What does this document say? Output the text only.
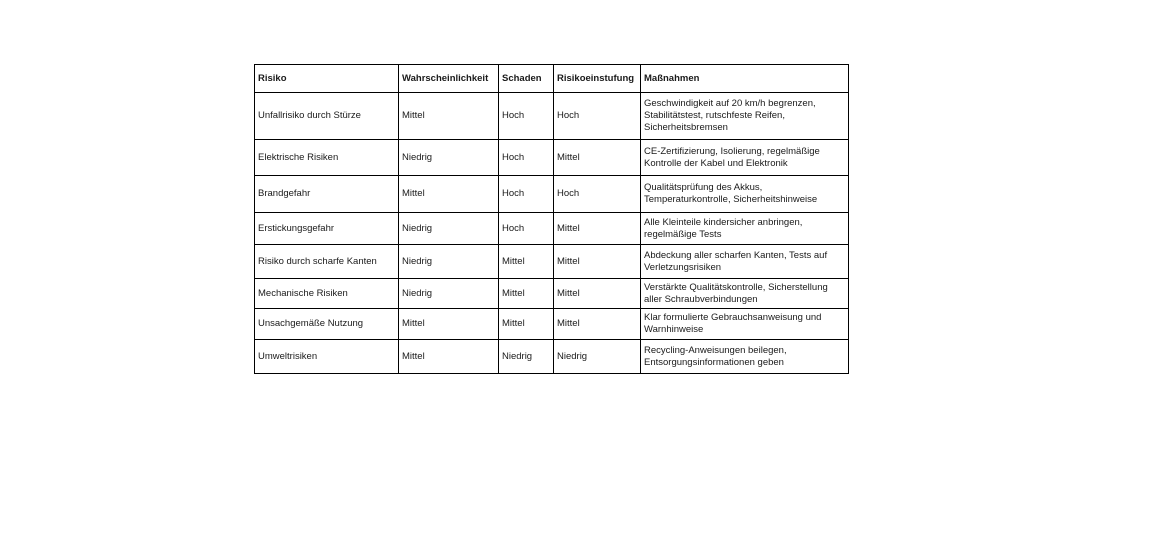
Risiko	Wahrscheinlichkeit	Schaden	Risikoeinstufung	Maßnahmen
Unfallrisiko durch Stürze	Mittel	Hoch	Hoch	Geschwindigkeit auf 20 km/h begrenzen, Stabilitätstest, rutschfeste Reifen, Sicherheitsbremsen
Elektrische Risiken	Niedrig	Hoch	Mittel	CE-Zertifizierung, Isolierung, regelmäßige Kontrolle der Kabel und Elektronik
Brandgefahr	Mittel	Hoch	Hoch	Qualitätsprüfung des Akkus, Temperaturkontrolle, Sicherheitshinweise
Erstickungsgefahr	Niedrig	Hoch	Mittel	Alle Kleinteile kindersicher anbringen, regelmäßige Tests
Risiko durch scharfe Kanten	Niedrig	Mittel	Mittel	Abdeckung aller scharfen Kanten, Tests auf Verletzungsrisiken
Mechanische Risiken	Niedrig	Mittel	Mittel	Verstärkte Qualitätskontrolle, Sicherstellung aller Schraubverbindungen
Unsachgemäße Nutzung	Mittel	Mittel	Mittel	Klar formulierte Gebrauchsanweisung und Warnhinweise
Umweltrisiken	Mittel	Niedrig	Niedrig	Recycling-Anweisungen beilegen, Entsorgungsinformationen geben
